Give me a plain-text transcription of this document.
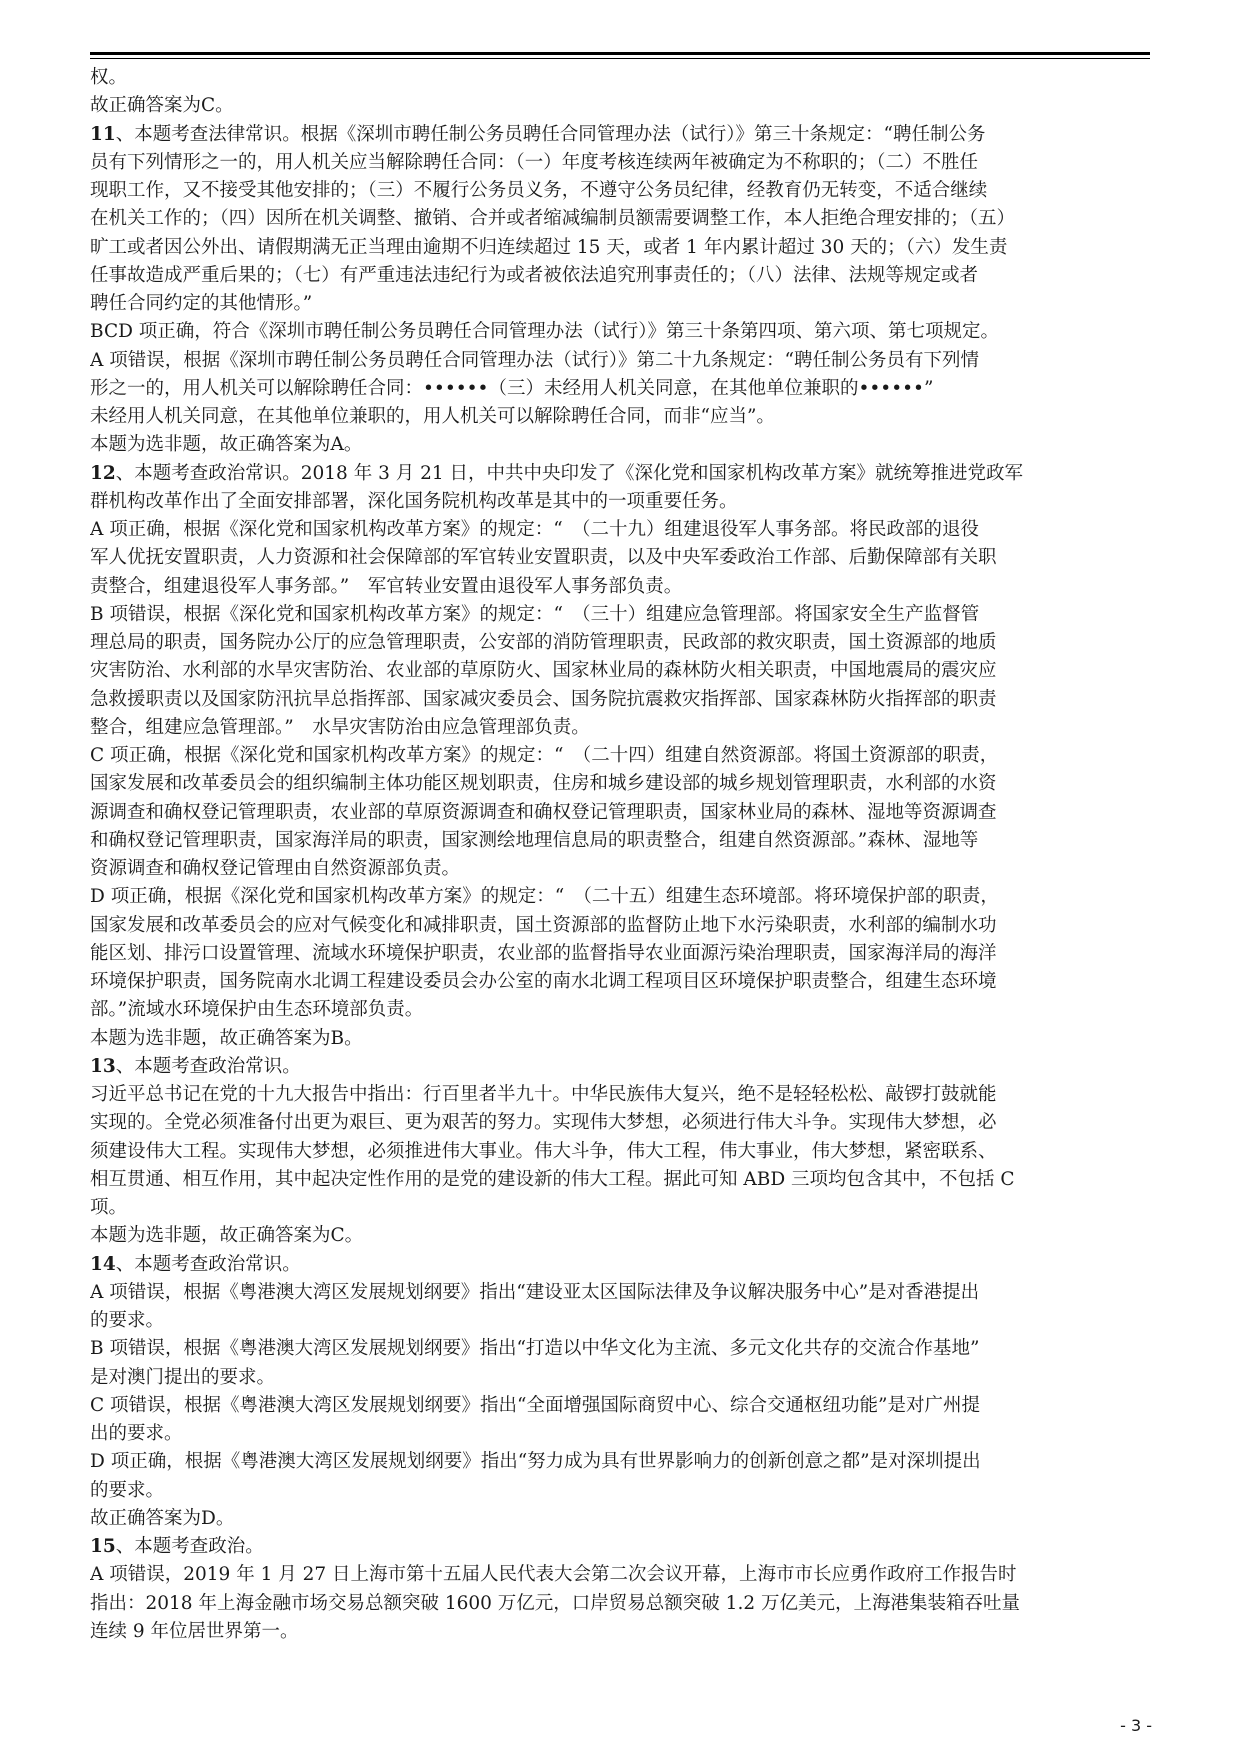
权。
故正确答案为C。
11、本题考查法律常识。根据《深圳市聘任制公务员聘任合同管理办法（试行）》第三十条规定：“聘任制公务
员有下列情形之一的，用人机关应当解除聘任合同：（一）年度考核连续两年被确定为不称职的；（二）不胜任
现职工作，又不接受其他安排的；（三）不履行公务员义务，不遵守公务员纪律，经教育仍无转变，不适合继续
在机关工作的；（四）因所在机关调整、撤销、合并或者缩减编制员额需要调整工作，本人拒绝合理安排的；（五）
旷工或者因公外出、请假期满无正当理由逾期不归连续超过 15 天，或者 1 年内累计超过 30 天的；（六）发生责
任事故造成严重后果的；（七）有严重违法违纪行为或者被依法追究刑事责任的；（八）法律、法规等规定或者
聘任合同约定的其他情形。”
BCD 项正确，符合《深圳市聘任制公务员聘任合同管理办法（试行）》第三十条第四项、第六项、第七项规定。
A 项错误，根据《深圳市聘任制公务员聘任合同管理办法（试行）》第二十九条规定：“聘任制公务员有下列情
形之一的，用人机关可以解除聘任合同：••••••（三）未经用人机关同意，在其他单位兼职的••••••”
未经用人机关同意，在其他单位兼职的，用人机关可以解除聘任合同，而非“应当”。
本题为选非题，故正确答案为A。
12、本题考查政治常识。2018 年 3 月 21 日，中共中央印发了《深化党和国家机构改革方案》就统筹推进党政军
群机构改革作出了全面安排部署，深化国务院机构改革是其中的一项重要任务。
A 项正确，根据《深化党和国家机构改革方案》的规定：“　（二十九）组建退役军人事务部。将民政部的退役
军人优抚安置职责，人力资源和社会保障部的军官转业安置职责，以及中央军委政治工作部、后勤保障部有关职
责整合，组建退役军人事务部。”　军官转业安置由退役军人事务部负责。
B 项错误，根据《深化党和国家机构改革方案》的规定：“　（三十）组建应急管理部。将国家安全生产监督管
理总局的职责，国务院办公厅的应急管理职责，公安部的消防管理职责，民政部的救灾职责，国土资源部的地质
灾害防治、水利部的水旱灾害防治、农业部的草原防火、国家林业局的森林防火相关职责，中国地震局的震灾应
急救援职责以及国家防汛抗旱总指挥部、国家减灾委员会、国务院抗震救灾指挥部、国家森林防火指挥部的职责
整合，组建应急管理部。”　水旱灾害防治由应急管理部负责。
C 项正确，根据《深化党和国家机构改革方案》的规定：“　（二十四）组建自然资源部。将国土资源部的职责，
国家发展和改革委员会的组织编制主体功能区规划职责，住房和城乡建设部的城乡规划管理职责，水利部的水资
源调查和确权登记管理职责，农业部的草原资源调查和确权登记管理职责，国家林业局的森林、湿地等资源调查
和确权登记管理职责，国家海洋局的职责，国家测绘地理信息局的职责整合，组建自然资源部。”森林、湿地等
资源调查和确权登记管理由自然资源部负责。
D 项正确，根据《深化党和国家机构改革方案》的规定：“　（二十五）组建生态环境部。将环境保护部的职责，
国家发展和改革委员会的应对气候变化和减排职责，国土资源部的监督防止地下水污染职责，水利部的编制水功
能区划、排污口设置管理、流域水环境保护职责，农业部的监督指导农业面源污染治理职责，国家海洋局的海洋
环境保护职责，国务院南水北调工程建设委员会办公室的南水北调工程项目区环境保护职责整合，组建生态环境
部。”流域水环境保护由生态环境部负责。
本题为选非题，故正确答案为B。
13、本题考查政治常识。
习近平总书记在党的十九大报告中指出：行百里者半九十。中华民族伟大复兴，绝不是轻轻松松、敲锣打鼓就能
实现的。全党必须准备付出更为艰巨、更为艰苦的努力。实现伟大梦想，必须进行伟大斗争。实现伟大梦想，必
须建设伟大工程。实现伟大梦想，必须推进伟大事业。伟大斗争，伟大工程，伟大事业，伟大梦想，紧密联系、
相互贯通、相互作用，其中起决定性作用的是党的建设新的伟大工程。据此可知 ABD 三项均包含其中，不包括 C
项。
本题为选非题，故正确答案为C。
14、本题考查政治常识。
A 项错误，根据《粤港澳大湾区发展规划纲要》指出“建设亚太区国际法律及争议解决服务中心”是对香港提出
的要求。
B 项错误，根据《粤港澳大湾区发展规划纲要》指出“打造以中华文化为主流、多元文化共存的交流合作基地”
是对澳门提出的要求。
C 项错误，根据《粤港澳大湾区发展规划纲要》指出“全面增强国际商贸中心、综合交通枢纽功能”是对广州提
出的要求。
D 项正确，根据《粤港澳大湾区发展规划纲要》指出“努力成为具有世界影响力的创新创意之都”是对深圳提出
的要求。
故正确答案为D。
15、本题考查政治。
A 项错误，2019 年 1 月 27 日上海市第十五届人民代表大会第二次会议开幕，上海市市长应勇作政府工作报告时
指出：2018 年上海金融市场交易总额突破 1600 万亿元，口岸贸易总额突破 1.2 万亿美元，上海港集装箱吞吐量
连续 9 年位居世界第一。
- 3 -
